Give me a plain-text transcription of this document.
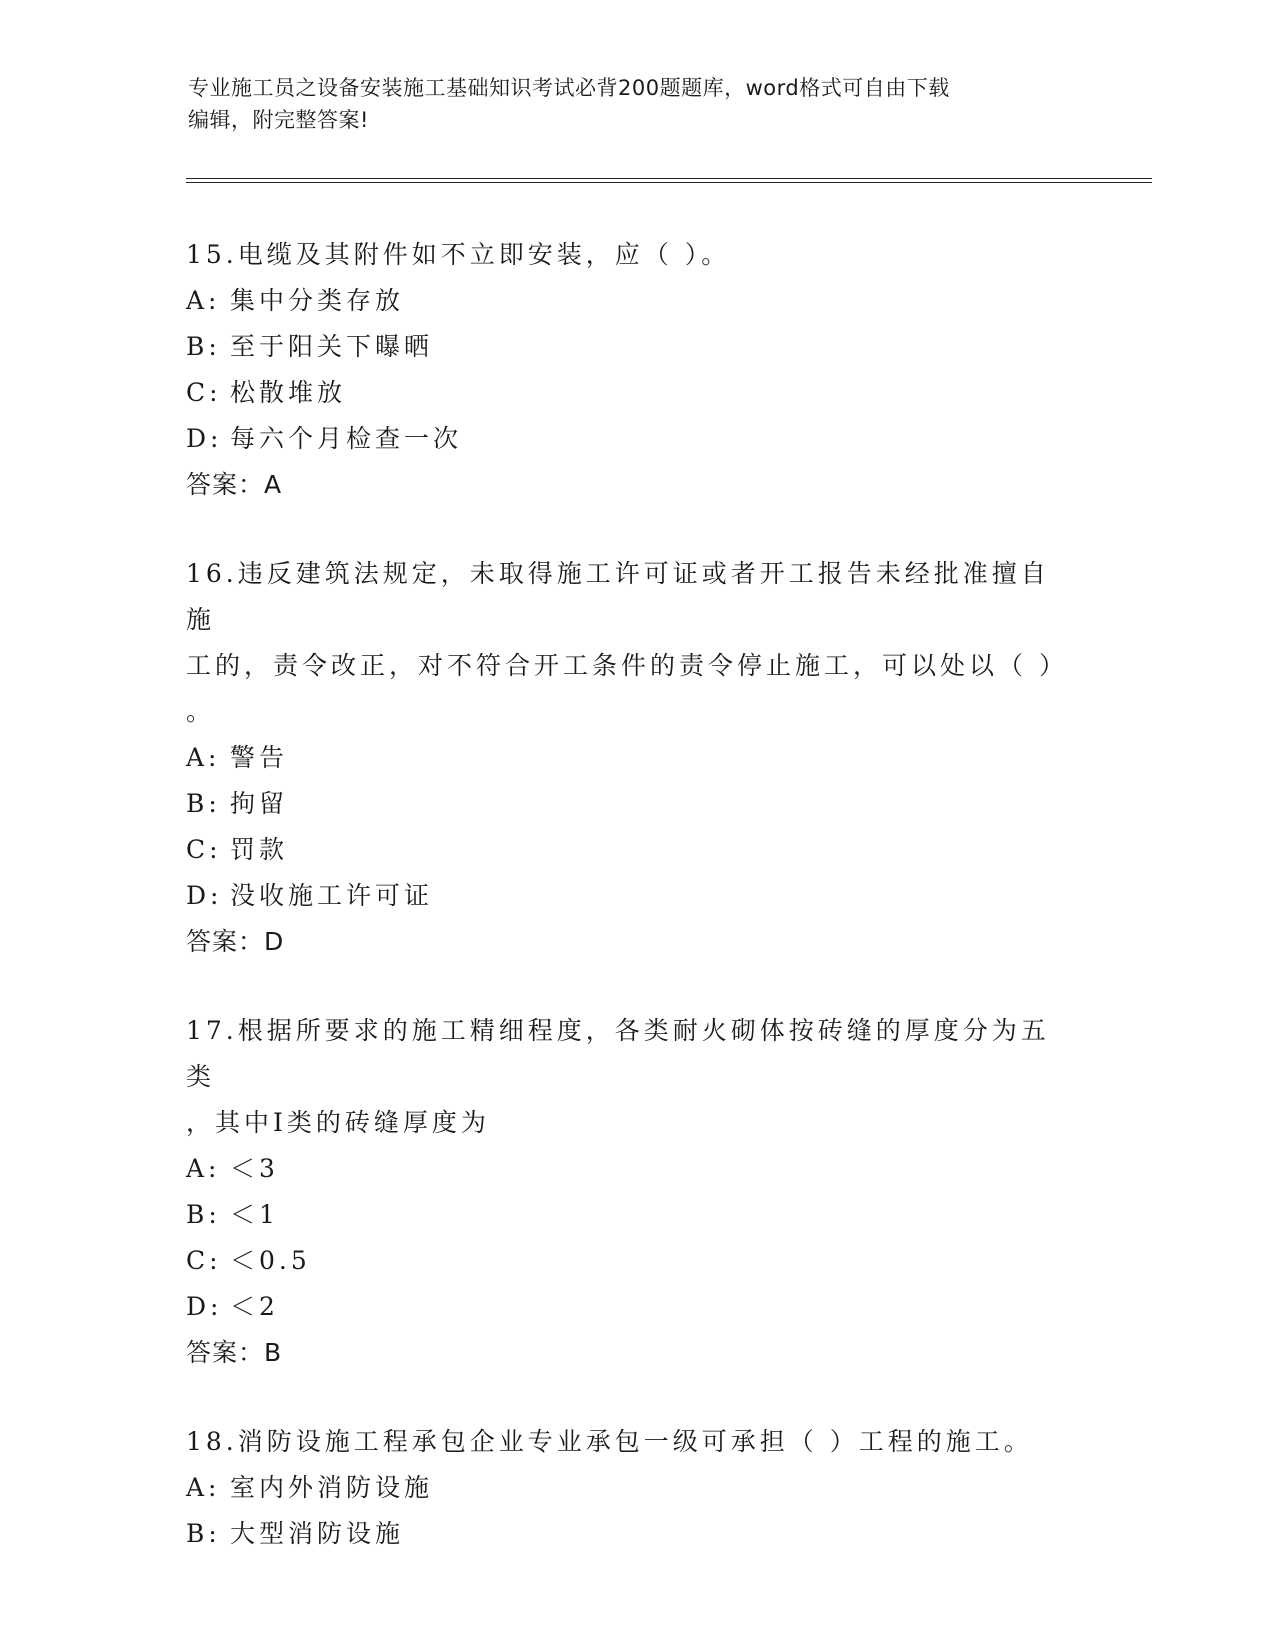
专业施工员之设备安装施工基础知识考试必背200题题库，word格式可自由下载
编辑，附完整答案!
15.电缆及其附件如不立即安装，应（ ）。
A: 集中分类存放
B: 至于阳关下曝晒
C: 松散堆放
D: 每六个月检查一次
答案：A
16.违反建筑法规定，未取得施工许可证或者开工报告未经批准擅自施
工的，责令改正，对不符合开工条件的责令停止施工，可以处以（ ）
。
A: 警告
B: 拘留
C: 罚款
D: 没收施工许可证
答案：D
17.根据所要求的施工精细程度，各类耐火砌体按砖缝的厚度分为五类
，其中I类的砖缝厚度为
A: ＜3
B: ＜1
C: ＜0.5
D: ＜2
答案：B
18.消防设施工程承包企业专业承包一级可承担（ ）工程的施工。
A: 室内外消防设施
B: 大型消防设施
